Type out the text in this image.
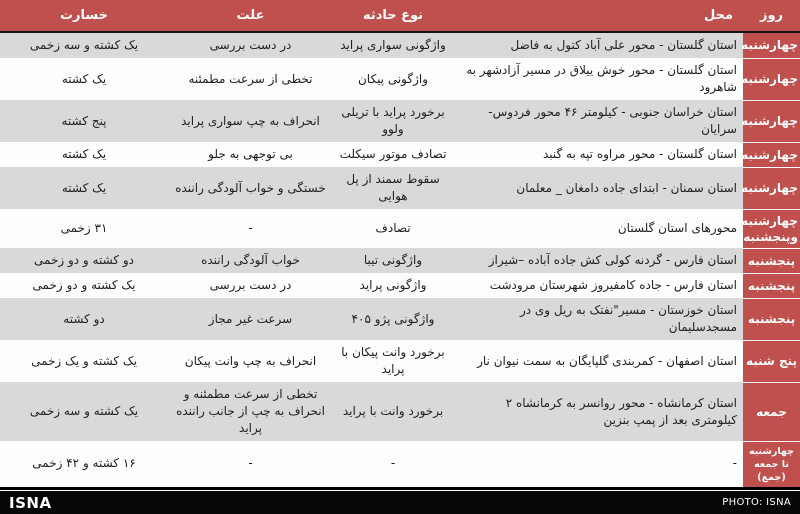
روز	محل	نوع حادثه	علت	خسارت
چهارشنبه	استان گلستان - محور علی آباد کتول به فاضل	واژگونی سواری پراید	در دست بررسی	یک کشته و سه زخمی
چهارشنبه	استان گلستان - محور خوش ییلاق در مسیر آزادشهر به شاهرود	واژگونی پیکان	تخطی از سرعت مطمئنه	یک کشته
چهارشنبه	استان خراسان جنوبی - کیلومتر ۴۶ محور فردوس- سرایان	برخورد پراید با تریلی ولوو	انحراف به چپ سواری پراید	پنج کشته
چهارشنبه	استان گلستان - محور مراوه تپه به گنبد	تصادف موتور سیکلت	بی توجهی به جلو	یک کشته
چهارشنبه	استان سمنان - ابتدای جاده دامغان _ معلمان	سقوط سمند از پل هوایی	خستگی و خواب آلودگی راننده	یک کشته
چهارشنبه وپنجشنبه	محورهای استان گلستان	تصادف	-	۳۱ زخمی
پنجشنبه	استان فارس - گردنه کولی کش جاده آباده –شیراز	واژگونی تیبا	خواب آلودگی راننده	دو کشته و دو زخمی
پنجشنبه	استان فارس - جاده کامفیروز شهرستان مرودشت	واژگونی پراید	در دست بررسی	یک کشته و دو زخمی
پنجشنبه	استان خوزستان - مسیر"نفتک به ریل وی در مسجدسلیمان	واژگونی پژو ۴۰۵	سرعت غیر مجاز	دو کشته
پنج شنبه	استان اصفهان - کمربندی گلپایگان به سمت نیوان نار	برخورد وانت پیکان با پراید	انحراف به چپ وانت پیکان	یک کشته و یک زخمی
جمعه	استان کرمانشاه - محور روانسر به کرمانشاه ۲ کیلومتری بعد از پمپ بنزین	برخورد وانت با پراید	تخطی از سرعت مطمئنه و انحراف به چپ از جانب راننده پراید	یک کشته و سه زخمی
چهارشنبه تا جمعه (جمع)	-	-	-	۱۶ کشته و ۴۲ زخمی
ISNA	PHOTO: ISNA
